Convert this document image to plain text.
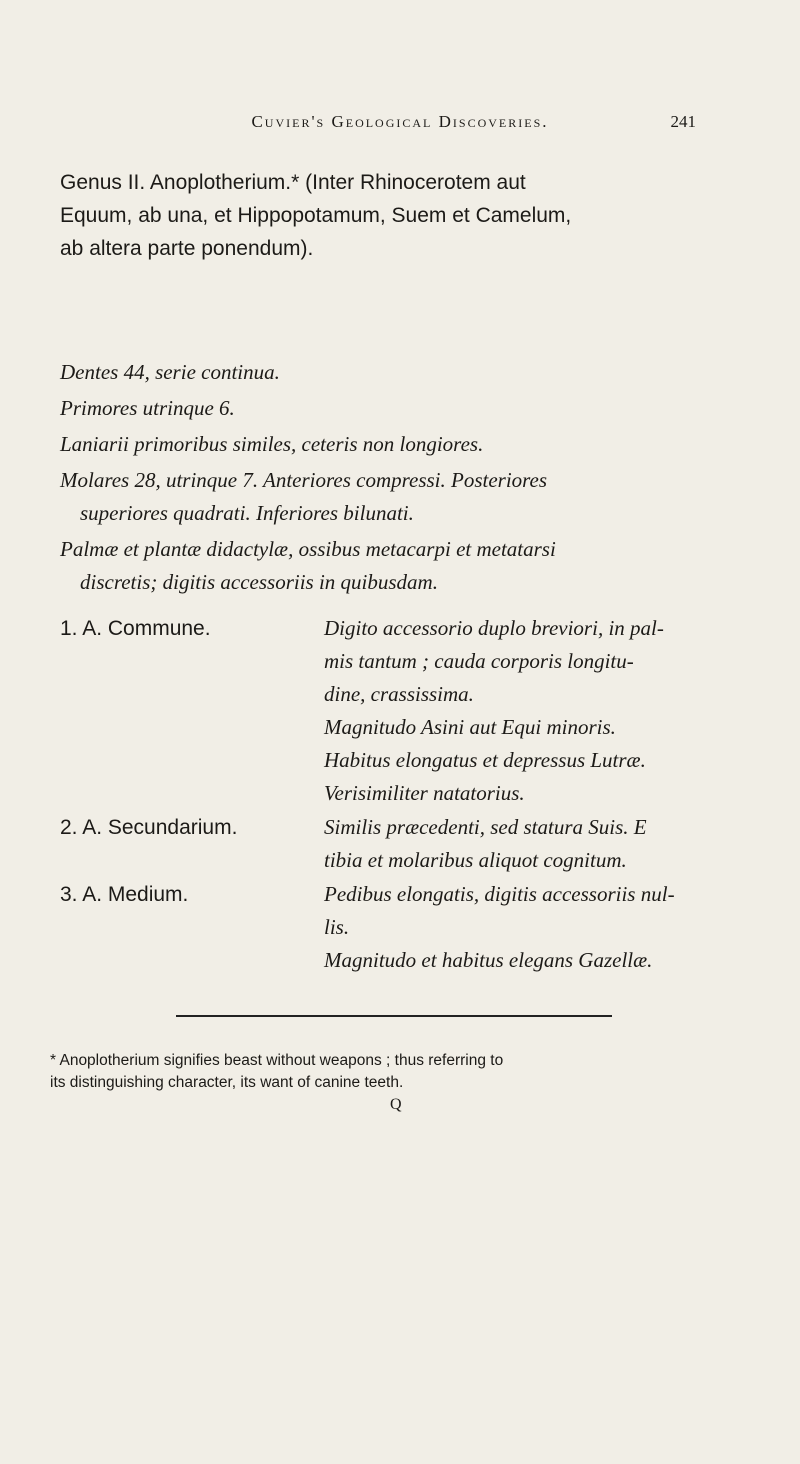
Cuvier's Geological Discoveries.	241
Genus II. Anoplotherium.* (Inter Rhinocerotem aut
Equum, ab una, et Hippopotamum, Suem et Camelum,
ab altera parte ponendum).

Dentes 44, serie continua.

Primores utrinque 6.

Laniarii primoribus similes, ceteris non longiores.

Molares 28, utrinque 7. Anteriores compressi. Posteriores

superiores quadrati. Inferiores bilunati.

Palmæ et plantæ didactylæ, ossibus metacarpi et metatarsi

discretis; digitis accessoriis in quibusdam.

1. A. Commune.	Digito accessorio duplo breviori, in pal-
mis tantum ; cauda corporis longitu-
dine, crassissima.
Magnitudo Asini aut Equi minoris.
Habitus elongatus et depressus Lutræ.
Verisimiliter natatorius.
2. A. Secundarium.	Similis præcedenti, sed statura Suis. E
tibia et molaribus aliquot cognitum.
3. A. Medium.	Pedibus elongatis, digitis accessoriis nul-
lis.
Magnitudo et habitus elegans Gazellæ.
* Anoplotherium signifies beast without weapons ; thus referring to
its distinguishing character, its want of canine teeth.
Q
